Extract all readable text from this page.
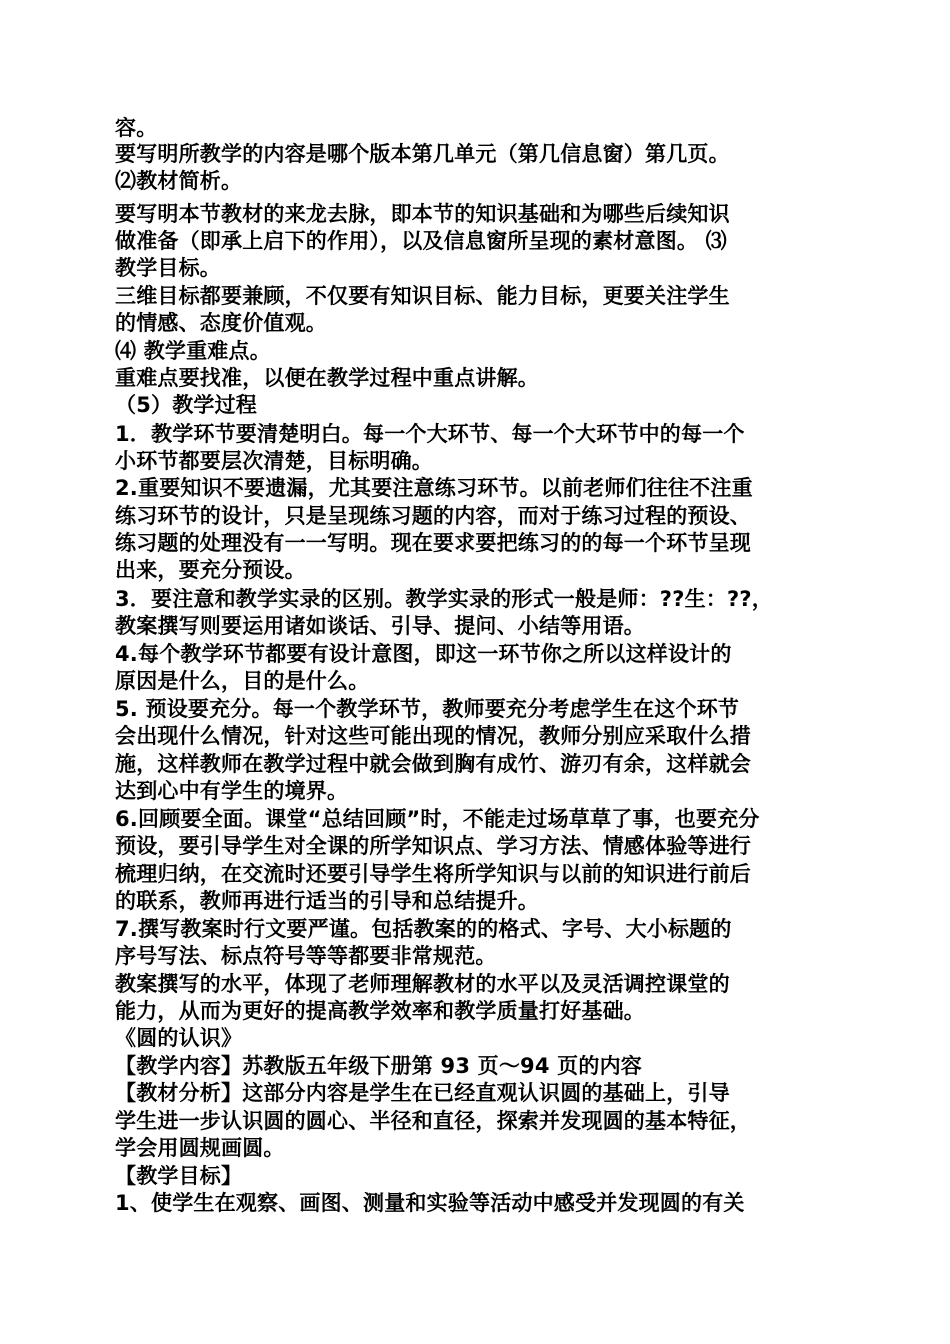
容。
要写明所教学的内容是哪个版本第几单元（第几信息窗）第几页。
⑵教材简析。
要写明本节教材的来龙去脉，即本节的知识基础和为哪些后续知识
做准备（即承上启下的作用），以及信息窗所呈现的素材意图。 ⑶
教学目标。
三维目标都要兼顾，不仅要有知识目标、能力目标，更要关注学生
的情感、态度价值观。
⑷ 教学重难点。
重难点要找准，以便在教学过程中重点讲解。
（5）教学过程
1．教学环节要清楚明白。每一个大环节、每一个大环节中的每一个
小环节都要层次清楚，目标明确。
2.重要知识不要遗漏，尤其要注意练习环节。以前老师们往往不注重
练习环节的设计，只是呈现练习题的内容，而对于练习过程的预设、
练习题的处理没有一一写明。现在要求要把练习的的每一个环节呈现
出来，要充分预设。
3．要注意和教学实录的区别。教学实录的形式一般是师：??生：??，
教案撰写则要运用诸如谈话、引导、提问、小结等用语。
4.每个教学环节都要有设计意图，即这一环节你之所以这样设计的
原因是什么，目的是什么。
5. 预设要充分。每一个教学环节，教师要充分考虑学生在这个环节
会出现什么情况，针对这些可能出现的情况，教师分别应采取什么措
施，这样教师在教学过程中就会做到胸有成竹、游刃有余，这样就会
达到心中有学生的境界。
6.回顾要全面。课堂“总结回顾”时，不能走过场草草了事，也要充分
预设，要引导学生对全课的所学知识点、学习方法、情感体验等进行
梳理归纳，在交流时还要引导学生将所学知识与以前的知识进行前后
的联系，教师再进行适当的引导和总结提升。
7.撰写教案时行文要严谨。包括教案的的格式、字号、大小标题的
序号写法、标点符号等等都要非常规范。
教案撰写的水平，体现了老师理解教材的水平以及灵活调控课堂的
能力，从而为更好的提高教学效率和教学质量打好基础。
《圆的认识》
【教学内容】苏教版五年级下册第 93 页～94 页的内容
【教材分析】这部分内容是学生在已经直观认识圆的基础上，引导
学生进一步认识圆的圆心、半径和直径，探索并发现圆的基本特征，
学会用圆规画圆。
【教学目标】
1、使学生在观察、画图、测量和实验等活动中感受并发现圆的有关
